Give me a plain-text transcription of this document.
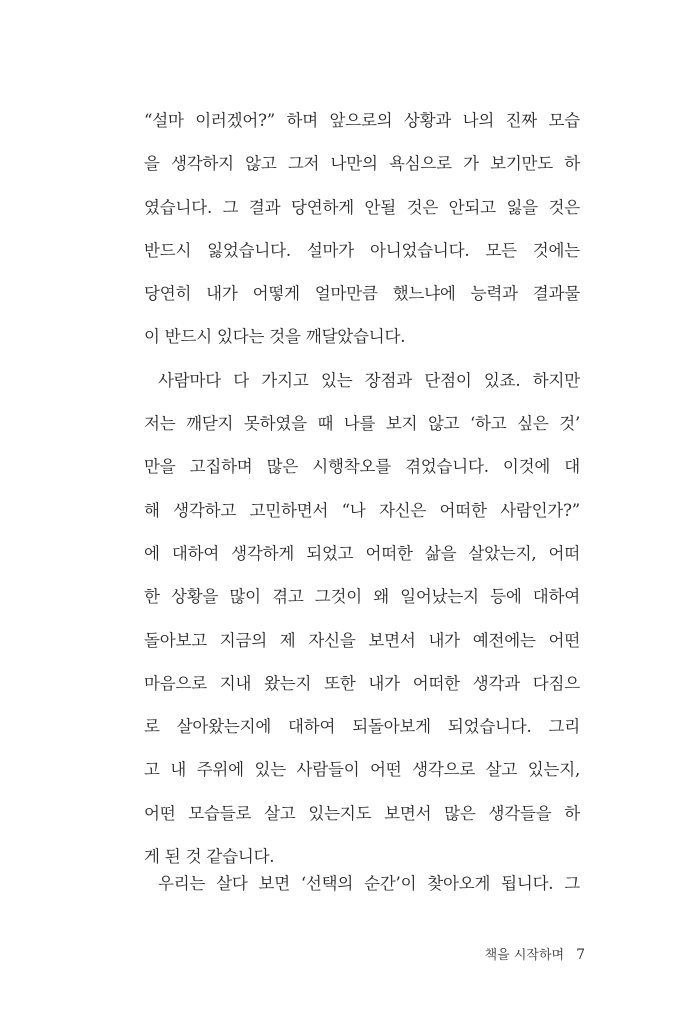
“설마 이러겠어?” 하며 앞으로의 상황과 나의 진짜 모습
을 생각하지 않고 그저 나만의 욕심으로 가 보기만도 하
였습니다. 그 결과 당연하게 안될 것은 안되고 잃을 것은
반드시 잃었습니다. 설마가 아니었습니다. 모든 것에는
당연히 내가 어떻게 얼마만큼 했느냐에 능력과 결과물
이 반드시 있다는 것을 깨달았습니다.
사람마다 다 가지고 있는 장점과 단점이 있죠. 하지만
저는 깨닫지 못하였을 때 나를 보지 않고 ‘하고 싶은 것’
만을 고집하며 많은 시행착오를 겪었습니다. 이것에 대
해 생각하고 고민하면서 “나 자신은 어떠한 사람인가?”
에 대하여 생각하게 되었고 어떠한 삶을 살았는지, 어떠
한 상황을 많이 겪고 그것이 왜 일어났는지 등에 대하여
돌아보고 지금의 제 자신을 보면서 내가 예전에는 어떤
마음으로 지내 왔는지 또한 내가 어떠한 생각과 다짐으
로 살아왔는지에 대하여 되돌아보게 되었습니다. 그리
고 내 주위에 있는 사람들이 어떤 생각으로 살고 있는지,
어떤 모습들로 살고 있는지도 보면서 많은 생각들을 하
게 된 것 같습니다.
우리는 살다 보면 ‘선택의 순간’이 찾아오게 됩니다. 그
책을 시작하며 7
